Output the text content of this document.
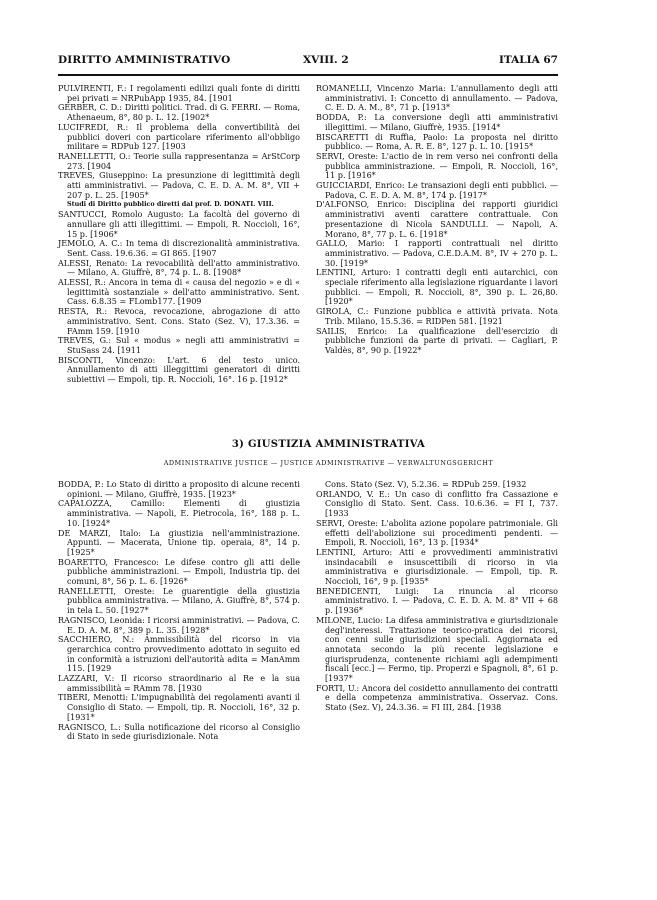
DIRITTO AMMINISTRATIVO	XVIII. 2	ITALIA 67

PULVIRENTI, F.: I regolamenti edilizi quali fonte di diritti pei privati = NRPubApp 1935, 84. [1901

GERBER, C. D.: Diritti politici. Trad. di G. FERRI. — Roma, Athenaeum, 8°, 80 p. L. 12. [1902*

LUCIFREDI, R.: Il problema della convertibilità dei pubblici doveri con particolare riferimento all'obbligo militare = RDPub 127. [1903

RANELLETTI, O.: Teorie sulla rappresentanza = ArStCorp 273. [1904

TREVES, Giuseppino: La presunzione di legittimità degli atti amministrativi. — Padova, C. E. D. A. M. 8°, VII + 207 p. L. 25. [1905*

Studi di Diritto pubblico diretti dal prof. D. DONATI. VIII.

SANTUCCI, Romolo Augusto: La facoltà del governo di annullare gli atti illegittimi. — Empoli, R. Noccioli, 16°, 15 p. [1906*

JEMOLO, A. C.: In tema di discrezionalità amministrativa. Sent. Cass. 19.6.36. = GI 865. [1907

ALESSI, Renato: La revocabilità dell'atto amministrativo. — Milano, A. Giuffrè, 8°, 74 p. L. 8. [1908*

ALESSI, R.: Ancora in tema di « causa del negozio » e di « legittimità sostanziale » dell'atto amministrativo. Sent. Cass. 6.8.35 = FLomb177. [1909

RESTA, R.: Revoca, revocazione, abrogazione di atto amministrativo. Sent. Cons. Stato (Sez. V), 17.3.36. = FAmm 159. [1910

TREVES, G.: Sul « modus » negli atti amministrativi = StuSass 24. [1911

BISCONTI, Vincenzo: L'art. 6 del testo unico. Annullamento di atti illeggittimi generatori di diritti subiettivi — Empoli, tip. R. Noccioli, 16°. 16 p. [1912*

ROMANELLI, Vincenzo Maria: L'annullamento degli atti amministrativi. I: Concetto di annullamento. — Padova, C. E. D. A. M., 8°, 71 p. [1913*

BODDA, P.: La conversione degli atti amministrativi illegittimi. — Milano, Giuffrè, 1935. [1914*

BISCARETTI di Ruffia, Paolo: La proposta nel diritto pubblico. — Roma, A. R. E. 8°, 127 p. L. 10. [1915*

SERVI, Oreste: L'actio de in rem verso nei confronti della pubblica amministrazione. — Empoli, R. Noccioli, 16°, 11 p. [1916*

GUICCIARDI, Enrico: Le transazioni degli enti pubblici. — Padova, C. E. D. A. M. 8°, 174 p. [1917*

D'ALFONSO, Enrico: Disciplina dei rapporti giuridici amministrativi aventi carattere contrattuale. Con presentazione di Nicola SANDULLI. — Napoli, A. Morano, 8°, 77 p. L. 6. [1918*

GALLO, Mario: I rapporti contrattuali nel diritto amministrativo. — Padova, C.E.D.A.M. 8°, IV + 270 p. L. 30. [1919*

LENTINI, Arturo: I contratti degli enti autarchici, con speciale riferimento alla legislazione riguardante i lavori pubblici. — Empoli, R. Noccioli, 8°, 390 p. L. 26,80. [1920*

GIROLA, C.: Funzione pubblica e attività privata. Nota Trib. Milano, 15.5.36. = RIDPen 581. [1921

SAILIS, Enrico: La qualificazione dell'esercizio di pubbliche funzioni da parte di privati. — Cagliari, P. Valdès, 8°, 90 p. [1922*

3) GIUSTIZIA AMMINISTRATIVA
ADMINISTRATIVE JUSTICE — JUSTICE ADMINISTRATIVE — VERWALTUNGSGERICHT

BODDA, P.: Lo Stato di diritto a proposito di alcune recenti opinioni. — Milano, Giuffrè, 1935. [1923*

CAPALOZZA, Camillo: Elementi di giustizia amministrativa. — Napoli, E. Pietrocola, 16°, 188 p. L. 10. [1924*

DE MARZI, Italo: La giustizia nell'amministrazione. Appunti. — Macerata, Unione tip. operaia, 8°, 14 p. [1925*

BOARETTO, Francesco: Le difese contro gli atti delle pubbliche amministrazioni. — Empoli, Industria tip. dei comuni, 8°, 56 p. L. 6. [1926*

RANELLETTI, Oreste: Le guarentigie della giustizia pubblica amministrativa. — Milano, A. Giuffrè, 8°, 574 p. in tela L. 50. [1927*

RAGNISCO, Leonida: I ricorsi amministrativi. — Padova, C. E. D. A. M. 8°, 389 p. L. 35. [1928*

SACCHIERO, N.: Ammissibilità del ricorso in via gerarchica contro provvedimento adottato in seguito ed in conformità a istruzioni dell'autorità adita = ManAmm 115. [1929

LAZZARI, V.: Il ricorso straordinario al Re e la sua ammissibilità = RAmm 78. [1930

TIBERI, Menotti: L'impugnabilità dei regolamenti avanti il Consiglio di Stato. — Empoli, tip. R. Noccioli, 16°, 32 p. [1931*

RAGNISCO, L.: Sulla notificazione del ricorso al Consiglio di Stato in sede giurisdizionale. Nota

Cons. Stato (Sez. V), 5.2.36. = RDPub 259. [1932

ORLANDO, V. E.: Un caso di conflitto fra Cassazione e Consiglio di Stato. Sent. Cass. 10.6.36. = FI I, 737. [1933

SERVI, Oreste: L'abolita azione popolare patrimoniale. Gli effetti dell'abolizione sui procedimenti pendenti. — Empoli, R. Noccioli, 16°, 13 p. [1934*

LENTINI, Arturo: Atti e provvedimenti amministrativi insindacabili e insuscettibili di ricorso in via amministrativa e giurisdizionale. — Empoli, tip. R. Noccioli, 16°, 9 p. [1935*

BENEDICENTI, Luigi: La rinuncia al ricorso amministrativo. I. — Padova, C. E. D. A. M. 8° VII + 68 p. [1936*

MILONE, Lucio: La difesa amministrativa e giurisdizionale degl'interessi. Trattazione teorico-pratica dei ricorsi, con cenni sulle giurisdizioni speciali. Aggiornata ed annotata secondo la più recente legislazione e giurisprudenza, contenente richiami agli adempimenti fiscali [ecc.] — Fermo, tip. Properzi e Spagnoli, 8°, 61 p. [1937*

FORTI, U.: Ancora del cosidetto annullamento dei contratti e della competenza amministrativa. Osservaz. Cons. Stato (Sez. V), 24.3.36. = FI III, 284. [1938
